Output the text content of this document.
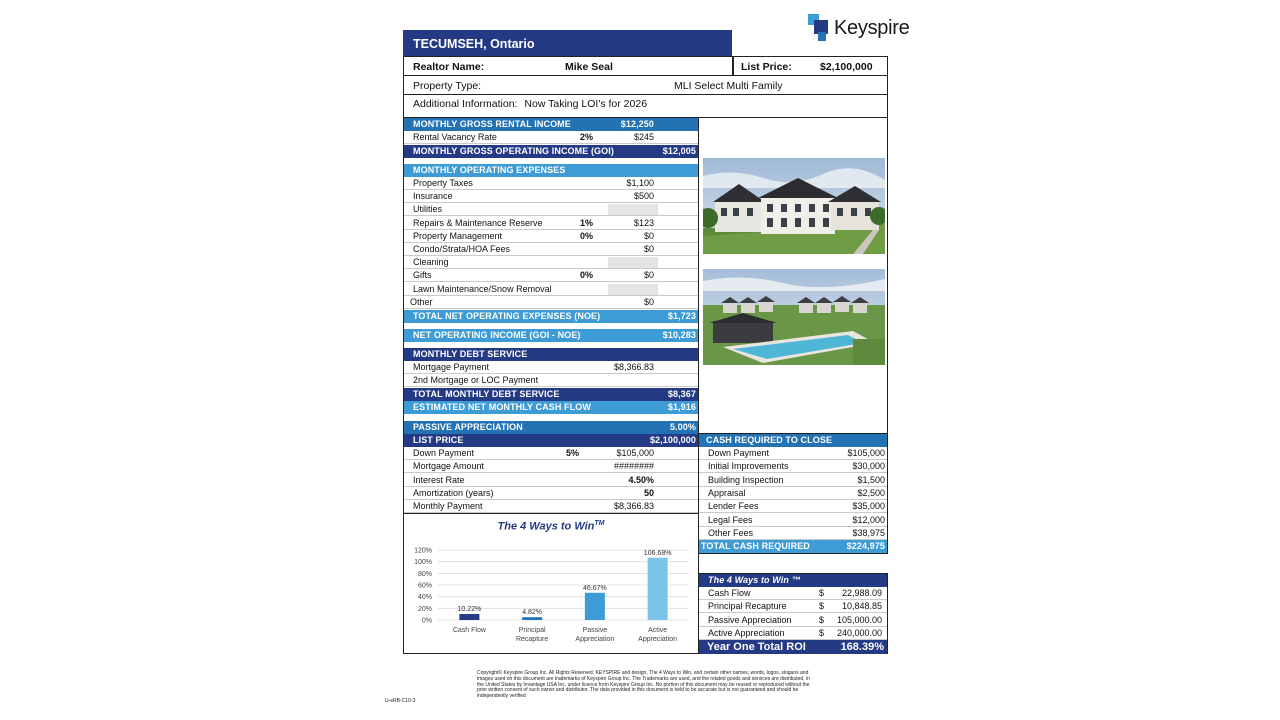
Keyspire
TECUMSEH, Ontario
Realtor Name:	Mike Seal	List Price:	$2,100,000
Property Type:	MLI Select Multi Family
Additional Information: Now Taking LOI's for 2026
MONTHLY GROSS RENTAL INCOME	$12,250
Rental Vacancy Rate	2%	$245
MONTHLY GROSS OPERATING INCOME (GOI)	$12,005
MONTHLY OPERATING EXPENSES
Property Taxes	$1,100
Insurance	$500
Utilities
Repairs & Maintenance Reserve	1%	$123
Property Management	0%	$0
Condo/Strata/HOA Fees	$0
Cleaning
Gifts	0%	$0
Lawn Maintenance/Snow Removal
Other	$0
TOTAL NET OPERATING EXPENSES (NOE)	$1,723
NET OPERATING INCOME (GOI - NOE)	$10,283
MONTHLY DEBT SERVICE
Mortgage Payment	$8,366.83
2nd Mortgage or LOC Payment
TOTAL MONTHLY DEBT SERVICE	$8,367
ESTIMATED NET MONTHLY CASH FLOW	$1,916
PASSIVE APPRECIATION	5.00%
LIST PRICE	$2,100,000
Down Payment	5%	$105,000
Mortgage Amount	########
Interest Rate	4.50%
Amortization (years)	50
Monthly Payment	$8,366.83
CASH REQUIRED TO CLOSE
Down Payment	$105,000
Initial Improvements	$30,000
Building Inspection	$1,500
Appraisal	$2,500
Lender Fees	$35,000
Legal Fees	$12,000
Other Fees	$38,975
TOTAL CASH REQUIRED	$224,975
The 4 Ways to Win ™
Cash Flow	$ 22,988.09
Principal Recapture	$ 10,848.85
Passive Appreciation	$ 105,000.00
Active Appreciation	$ 240,000.00
Year One Total ROI	168.39%
The 4 Ways to Win™
0%
20%
40%
60%
80%
100%
120%
10.22%
Cash Flow
4.82%
Principal
Recapture
46.67%
Passive
Appreciation
106.68%
Active
Appreciation
Copyright© Keyspire Group Inc. All Rights Reserved. KEYSPIRE and design, The 4 Ways to Win, and certain other names, words, logos, slogans and images used on this document are trademarks of Keyspire Group Inc. The Trademarks are used, and the related goods and services are distributed, in the United States by Invantage USA Inc. under licence from Keyspire Group Inc. No portion of this document may be reused or reproduced without the prior written consent of such owner and distributor. The data provided in this document is held to be accurate but is not guaranteed and should be independently verified
U-eRB-C10-3
